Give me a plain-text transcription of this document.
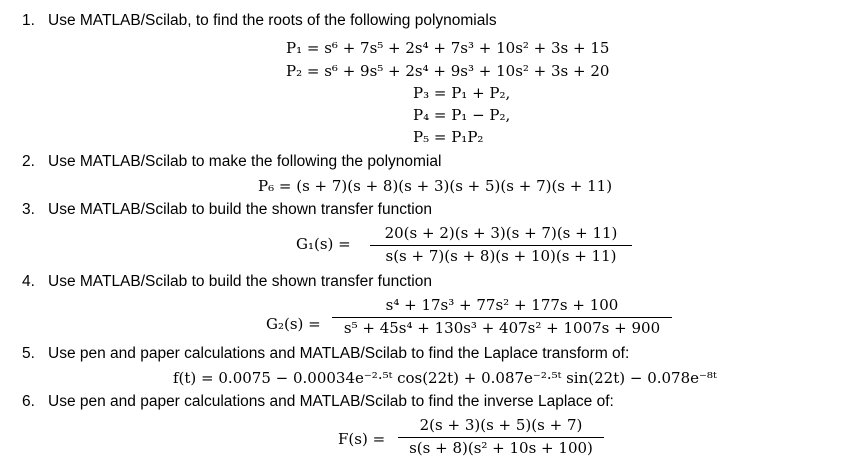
1. Use MATLAB/Scilab, to find the roots of the following polynomials
P₁ = s⁶ + 7s⁵ + 2s⁴ + 7s³ + 10s² + 3s + 15
P₂ = s⁶ + 9s⁵ + 2s⁴ + 9s³ + 10s² + 3s + 20
P₃ = P₁ + P₂,
P₄ = P₁ − P₂,
P₅ = P₁P₂
2. Use MATLAB/Scilab to make the following the polynomial
P₆ = (s + 7)(s + 8)(s + 3)(s + 5)(s + 7)(s + 11)
3. Use MATLAB/Scilab to build the shown transfer function
G₁(s) =
20(s + 2)(s + 3)(s + 7)(s + 11)
s(s + 7)(s + 8)(s + 10)(s + 11)
4. Use MATLAB/Scilab to build the shown transfer function
G₂(s) =
s⁴ + 17s³ + 77s² + 177s + 100
s⁵ + 45s⁴ + 130s³ + 407s² + 1007s + 900
5. Use pen and paper calculations and MATLAB/Scilab to find the Laplace transform of:
f(t) = 0.0075 − 0.00034e⁻²·⁵ᵗ cos(22t) + 0.087e⁻²·⁵ᵗ sin(22t) − 0.078e⁻⁸ᵗ
6. Use pen and paper calculations and MATLAB/Scilab to find the inverse Laplace of:
F(s) =
2(s + 3)(s + 5)(s + 7)
s(s + 8)(s² + 10s + 100)
